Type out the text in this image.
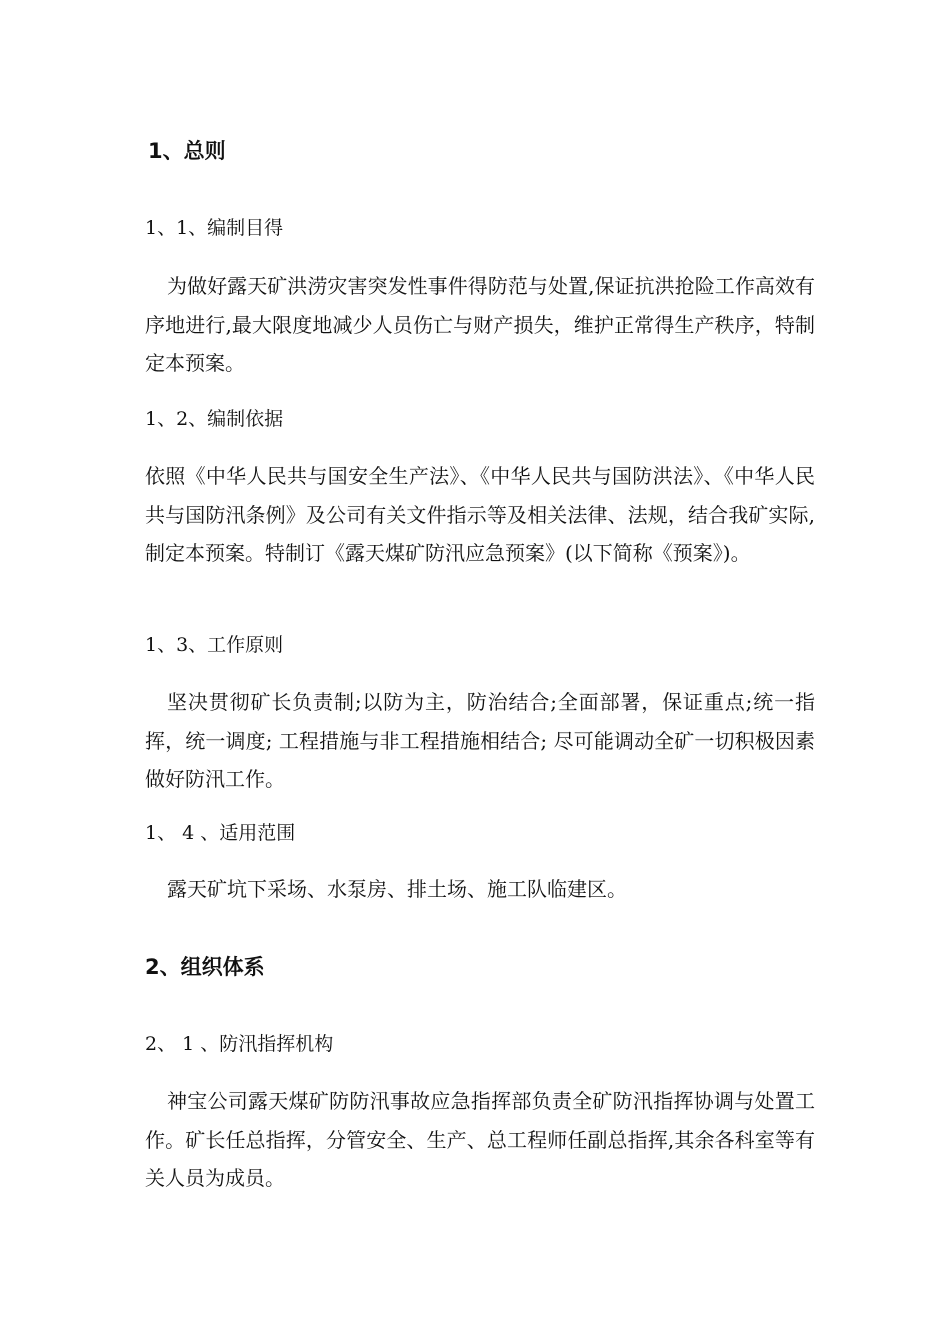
1、总则
1、1、编制目得

为做好露天矿洪涝灾害突发性事件得防范与处置,保证抗洪抢险工作高效有序地进行,最大限度地减少人员伤亡与财产损失，维护正常得生产秩序，特制定本预案。

1、2、编制依据

依照《中华人民共与国安全生产法》、《中华人民共与国防洪法》、《中华人民共与国防汛条例》及公司有关文件指示等及相关法律、法规，结合我矿实际,制定本预案。特制订《露天煤矿防汛应急预案》(以下简称《预案》)。

1、3、工作原则

坚决贯彻矿长负责制;以防为主，防治结合;全面部署，保证重点;统一指挥，统一调度; 工程措施与非工程措施相结合; 尽可能调动全矿一切积极因素做好防汛工作。

1、 4 、适用范围
露天矿坑下采场、水泵房、排土场、施工队临建区。
2、组织体系
2、 1 、防汛指挥机构

神宝公司露天煤矿防防汛事故应急指挥部负责全矿防汛指挥协调与处置工作。矿长任总指挥，分管安全、生产、总工程师任副总指挥,其余各科室等有关人员为成员。
